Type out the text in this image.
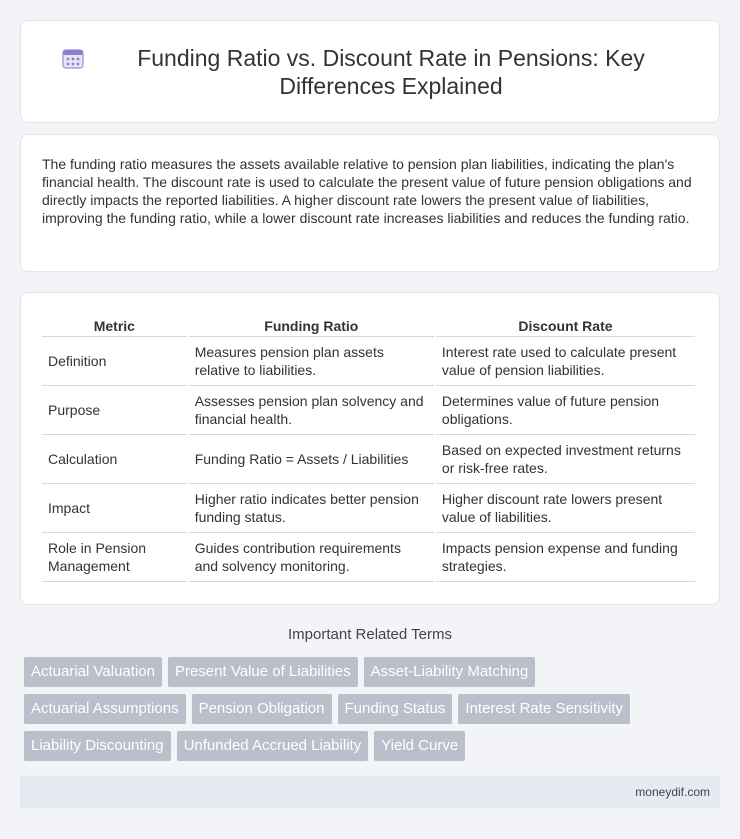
Funding Ratio vs. Discount Rate in Pensions: Key Differences Explained

The funding ratio measures the assets available relative to pension plan liabilities, indicating the plan's financial health. The discount rate is used to calculate the present value of future pension obligations and directly impacts the reported liabilities. A higher discount rate lowers the present value of liabilities, improving the funding ratio, while a lower discount rate increases liabilities and reduces the funding ratio.

Metric	Funding Ratio	Discount Rate
Definition	Measures pension plan assets relative to liabilities.	Interest rate used to calculate present value of pension liabilities.
Purpose	Assesses pension plan solvency and financial health.	Determines value of future pension obligations.
Calculation	Funding Ratio = Assets / Liabilities	Based on expected investment returns or risk-free rates.
Impact	Higher ratio indicates better pension funding status.	Higher discount rate lowers present value of liabilities.
Role in Pension Management	Guides contribution requirements and solvency monitoring.	Impacts pension expense and funding strategies.
Important Related Terms
Actuarial Valuation	Present Value of Liabilities	Asset-Liability Matching
Actuarial Assumptions	Pension Obligation	Funding Status	Interest Rate Sensitivity
Liability Discounting	Unfunded Accrued Liability	Yield Curve
moneydif.com
